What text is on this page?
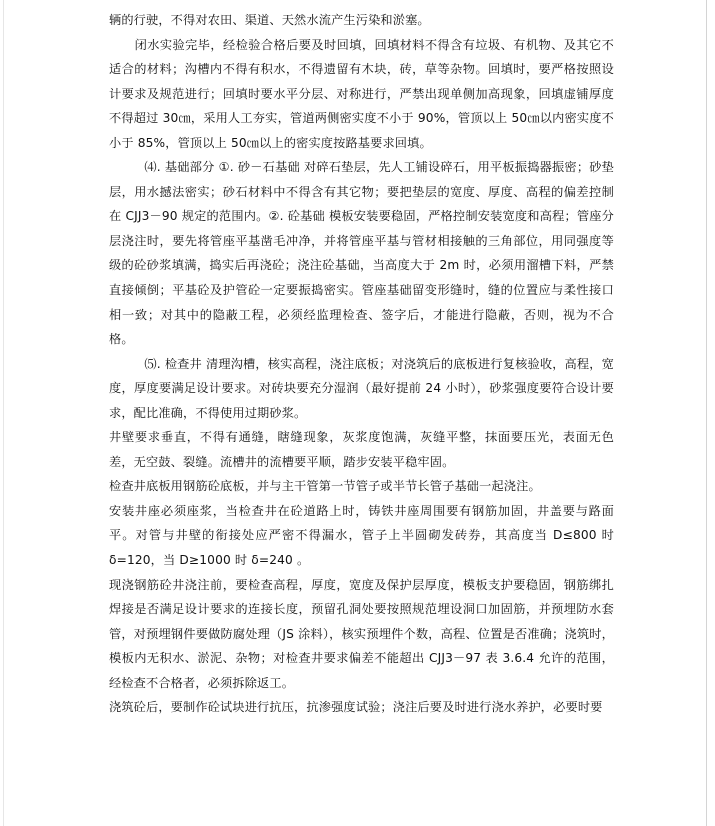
辆的行驶，不得对农田、渠道、天然水流产生污染和淤塞。

闭水实验完毕，经检验合格后要及时回填，回填材料不得含有垃圾、有机物、及其它不适合的材料；沟槽内不得有积水，不得遗留有木块，砖，草等杂物。回填时，要严格按照设计要求及规范进行；回填时要水平分层、对称进行，严禁出现单侧加高现象，回填虚铺厚度不得超过 30㎝，采用人工夯实，管道两侧密实度不小于 90%，管顶以上 50㎝以内密实度不小于 85%，管顶以上 50㎝以上的密实度按路基要求回填。

⑷. 基础部分 ①. 砂－石基础 对碎石垫层，先人工铺设碎石，用平板振捣器振密；砂垫层，用水撼法密实；砂石材料中不得含有其它物；要把垫层的宽度、厚度、高程的偏差控制在 CJJ3－90 规定的范围内。②. 砼基础 模板安装要稳固，严格控制安装宽度和高程；管座分层浇注时，要先将管座平基凿毛冲净，并将管座平基与管材相接触的三角部位，用同强度等级的砼砂浆填满，捣实后再浇砼；浇注砼基础，当高度大于 2m 时，必须用溜槽下料，严禁直接倾倒；平基砼及护管砼一定要振捣密实。管座基础留变形缝时，缝的位置应与柔性接口相一致；对其中的隐蔽工程，必须经监理检查、签字后，才能进行隐蔽，否则，视为不合格。

⑸. 检查井 清理沟槽，核实高程，浇注底板；对浇筑后的底板进行复核验收，高程，宽度，厚度要满足设计要求。对砖块要充分湿润（最好提前 24 小时），砂浆强度要符合设计要求，配比准确，不得使用过期砂浆。

井壁要求垂直，不得有通缝，瞎缝现象，灰浆度饱满，灰缝平整，抹面要压光，表面无色差，无空鼓、裂缝。流槽井的流槽要平顺，踏步安装平稳牢固。

检查井底板用钢筋砼底板，并与主干管第一节管子或半节长管子基础一起浇注。

安装井座必须座浆，当检查井在砼道路上时，铸铁井座周围要有钢筋加固，井盖要与路面平。对管与井壁的衔接处应严密不得漏水，管子上半圆砌发砖券，其高度当 D≤800 时 δ=120，当 D≥1000 时 δ=240 。

现浇钢筋砼井浇注前，要检查高程，厚度，宽度及保护层厚度，模板支护要稳固，钢筋绑扎焊接是否满足设计要求的连接长度，预留孔洞处要按照规范埋设洞口加固筋，并预埋防水套管，对预埋钢件要做防腐处理（JS 涂料），核实预埋件个数，高程、位置是否准确；浇筑时，模板内无积水、淤泥、杂物；对检查井要求偏差不能超出 CJJ3－97 表 3.6.4 允许的范围，经检查不合格者，必须拆除返工。

浇筑砼后，要制作砼试块进行抗压，抗渗强度试验；浇注后要及时进行浇水养护，必要时要
